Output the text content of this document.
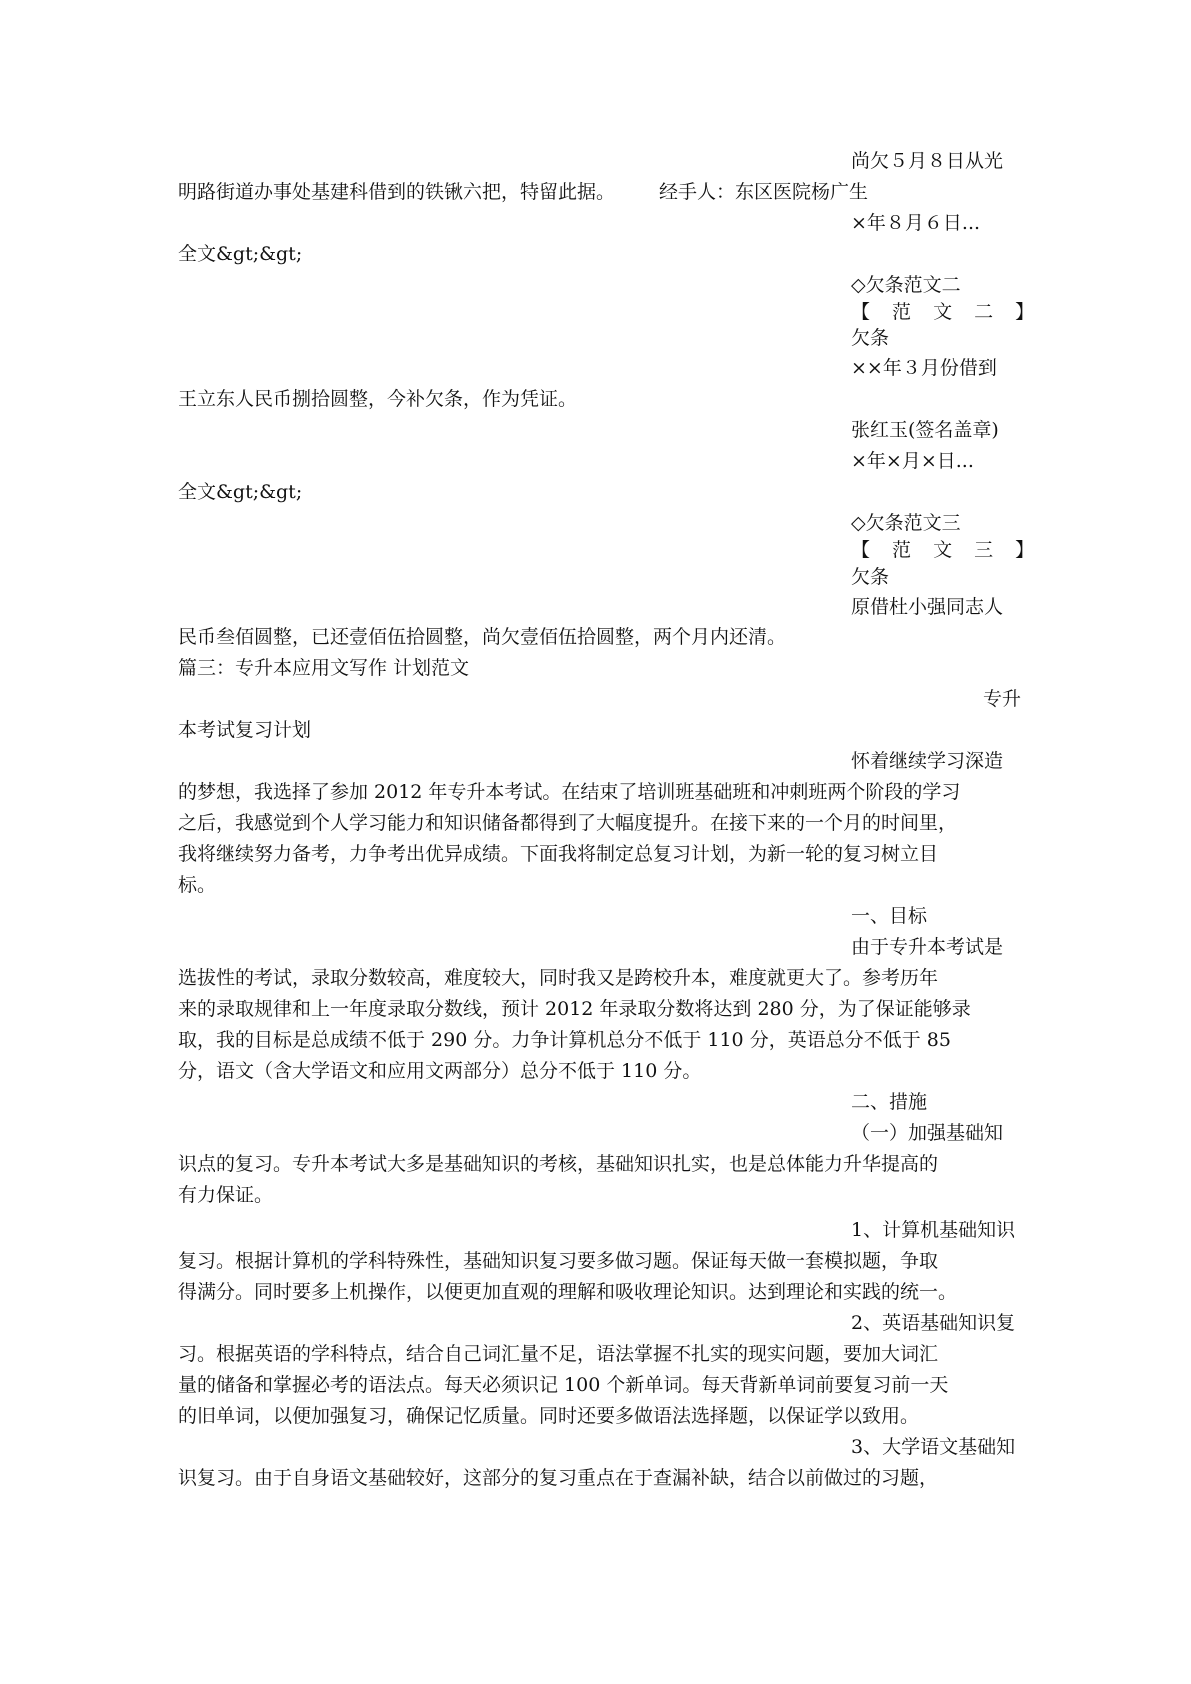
尚欠５月８日从光
明路街道办事处基建科借到的铁锹六把，特留此据。 经手人：东区医院杨广生
×年８月６日...
全文&gt;&gt;
◇欠条范文二
【 范 文 二 】
欠条
××年３月份借到
王立东人民币捌拾圆整，今补欠条，作为凭证。
张红玉(签名盖章)
×年×月×日...
全文&gt;&gt;
◇欠条范文三
【 范 文 三 】
欠条
原借杜小强同志人
民币叁佰圆整，已还壹佰伍拾圆整，尚欠壹佰伍拾圆整，两个月内还清。
篇三：专升本应用文写作 计划范文
专升
本考试复习计划
怀着继续学习深造
的梦想，我选择了参加 2012 年专升本考试。在结束了培训班基础班和冲刺班两个阶段的学习
之后，我感觉到个人学习能力和知识储备都得到了大幅度提升。在接下来的一个月的时间里，
我将继续努力备考，力争考出优异成绩。下面我将制定总复习计划，为新一轮的复习树立目
标。
一、目标
由于专升本考试是
选拔性的考试，录取分数较高，难度较大，同时我又是跨校升本，难度就更大了。参考历年
来的录取规律和上一年度录取分数线，预计 2012 年录取分数将达到 280 分，为了保证能够录
取，我的目标是总成绩不低于 290 分。力争计算机总分不低于 110 分，英语总分不低于 85
分，语文（含大学语文和应用文两部分）总分不低于 110 分。
二、措施
（一）加强基础知
识点的复习。专升本考试大多是基础知识的考核，基础知识扎实，也是总体能力升华提高的
有力保证。
1、计算机基础知识
复习。根据计算机的学科特殊性，基础知识复习要多做习题。保证每天做一套模拟题，争取
得满分。同时要多上机操作，以便更加直观的理解和吸收理论知识。达到理论和实践的统一。
2、英语基础知识复
习。根据英语的学科特点，结合自己词汇量不足，语法掌握不扎实的现实问题，要加大词汇
量的储备和掌握必考的语法点。每天必须识记 100 个新单词。每天背新单词前要复习前一天
的旧单词，以便加强复习，确保记忆质量。同时还要多做语法选择题，以保证学以致用。
3、大学语文基础知
识复习。由于自身语文基础较好，这部分的复习重点在于查漏补缺，结合以前做过的习题，
